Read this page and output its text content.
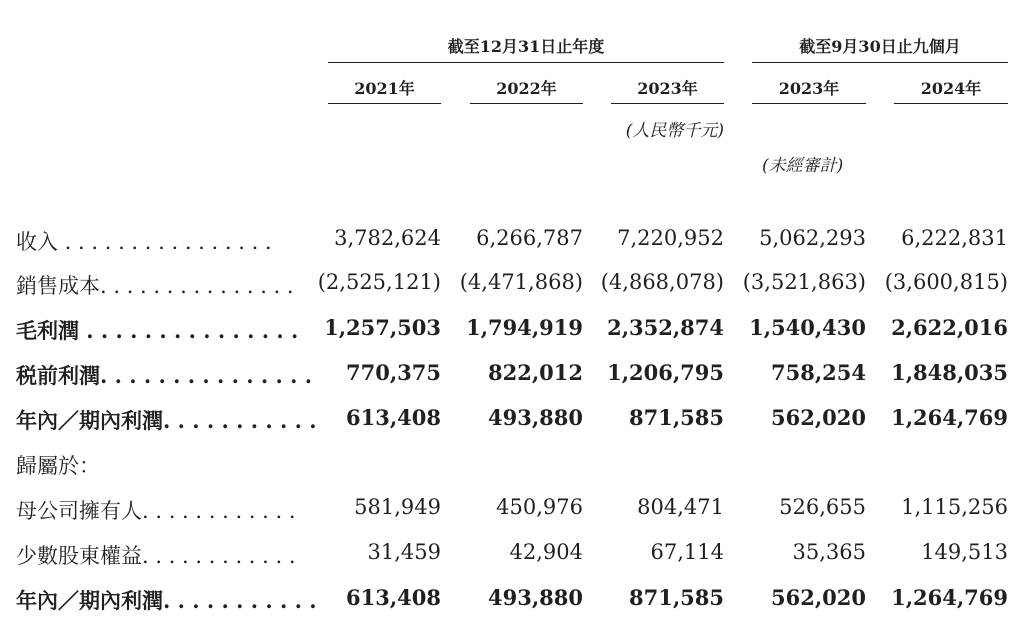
截至12月31日止年度	截至9月30日止九個月
2021年	2022年	2023年	2023年	2024年
(人民幣千元)
(未經審計)
收入 . . . . . . . . . . . . . . . .	3,782,624 6,266,787 7,220,952 5,062,293 6,222,831
銷售成本. . . . . . . . . . . . . . . (2,525,121) (4,471,868) (4,868,078) (3,521,863) (3,600,815)
毛利潤 . . . . . . . . . . . . . . . 1,257,503 1,794,919 2,352,874 1,540,430 2,622,016
税前利潤. . . . . . . . . . . . . . . 770,375 822,012 1,206,795 758,254 1,848,035
年內／期內利潤. . . . . . . . . . . 613,408 493,880 871,585 562,020 1,264,769
歸屬於：
母公司擁有人. . . . . . . . . . . .	581,949	450,976	804,471	526,655 1,115,256
少數股東權益. . . . . . . . . . . .	31,459	42,904	67,114	35,365	149,513
年內／期內利潤. . . . . . . . . . . 613,408 493,880 871,585 562,020 1,264,769
